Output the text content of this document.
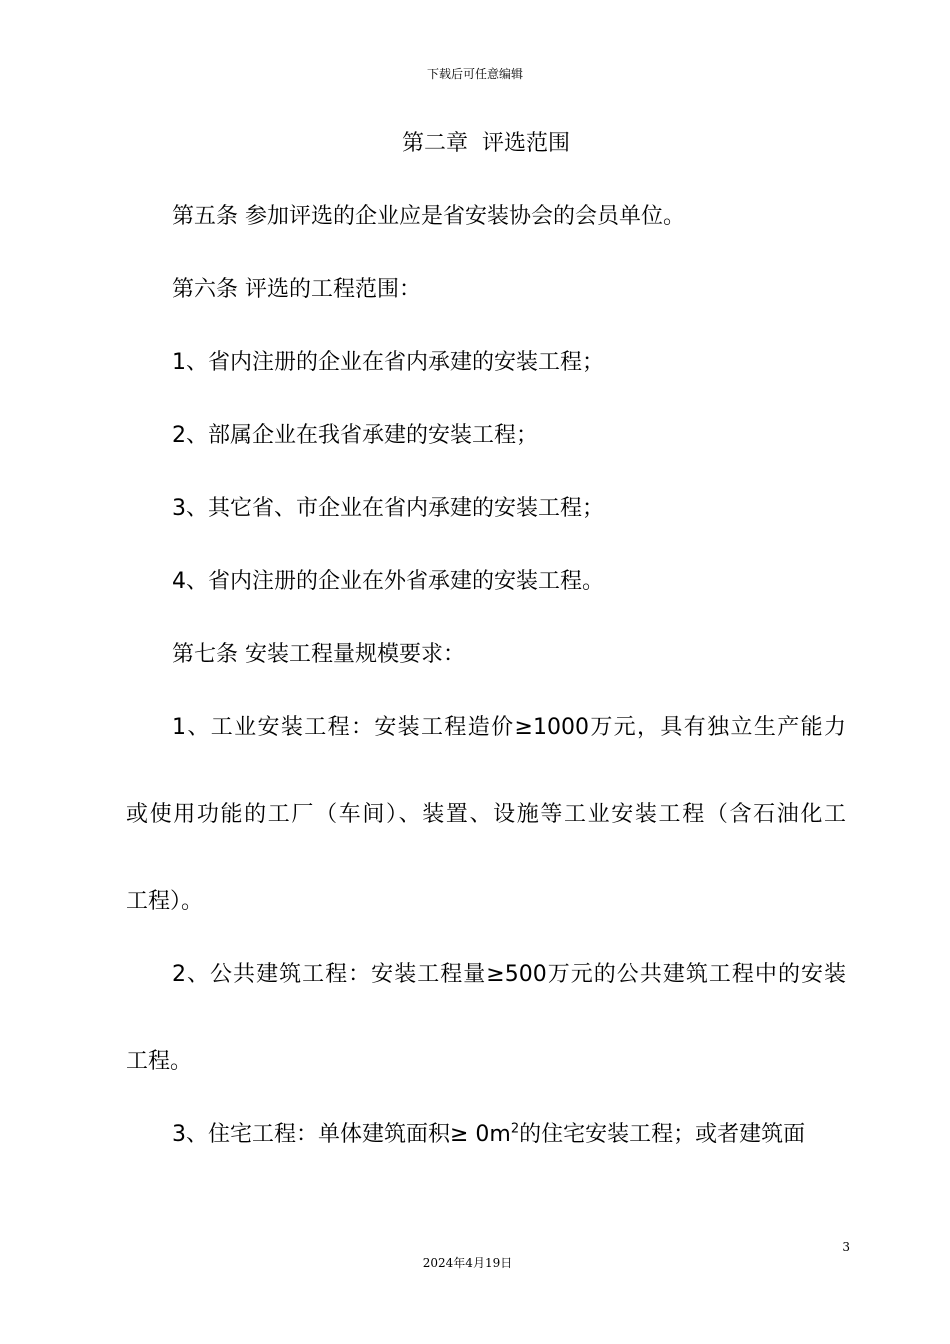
下载后可任意编辑
第二章  评选范围
第五条 参加评选的企业应是省安装协会的会员单位。
第六条 评选的工程范围：
1、省内注册的企业在省内承建的安装工程；
2、部属企业在我省承建的安装工程；
3、其它省、市企业在省内承建的安装工程；
4、省内注册的企业在外省承建的安装工程。
第七条 安装工程量规模要求：
1、工业安装工程：安装工程造价≥1000万元，具有独立生产能力
或使用功能的工厂（车间）、装置、设施等工业安装工程（含石油化工
工程）。
2、公共建筑工程：安装工程量≥500万元的公共建筑工程中的安装
工程。
3、住宅工程：单体建筑面积≥ $0m^2$的住宅安装工程；或者建筑面
3
2024年4月19日
